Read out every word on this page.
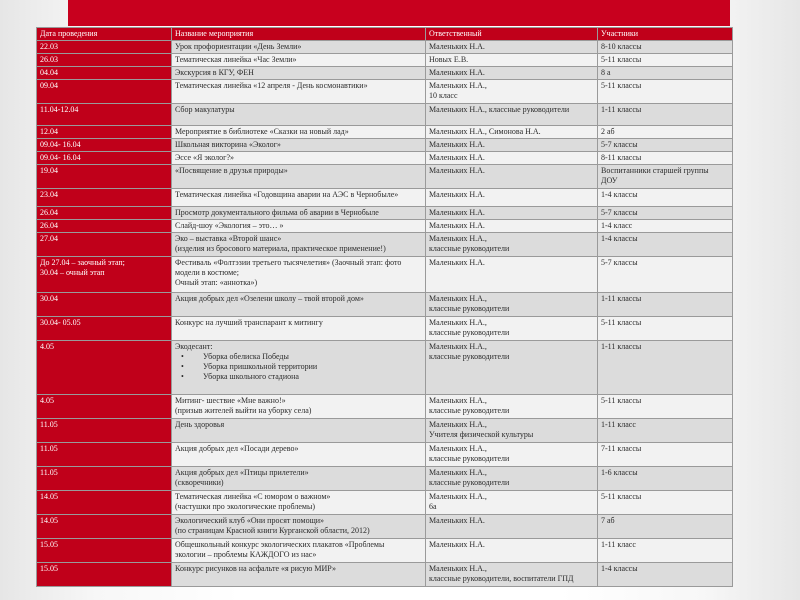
Дата проведения	Название мероприятия	Ответственный	Участники

22.03	Урок профориентации «День Земли»	Маленьких Н.А.	8-10 классы

26.03	Тематическая линейка «Час Земли»	Новых Е.В.	5-11 классы

04.04	Экскурсия в КГУ, ФЕН	Маленьких Н.А.	8 а

09.04	Тематическая линейка «12 апреля - День космонавтики»	Маленьких Н.А.,
10 класс	5-11 классы

11.04-12.04	Сбор макулатуры	Маленьких Н.А., классные руководители	1-11 классы

12.04	Мероприятие в библиотеке «Сказки на новый лад»	Маленьких Н.А., Симонова Н.А.	2 аб

09.04- 16.04	Школьная викторина «Эколог»	Маленьких Н.А.	5-7 классы

09.04- 16.04	Эссе «Я эколог?»	Маленьких Н.А.	8-11 классы

19.04	«Посвящение в друзья природы»	Маленьких Н.А.	Воспитанники старшей группы
ДОУ

23.04	Тематическая линейка «Годовщина аварии на АЭС в Чернобыле»	Маленьких Н.А.	1-4 классы

26.04	Просмотр документального фильма об аварии в Чернобыле	Маленьких Н.А.	5-7 классы

26.04	Слайд-шоу «Экология – это… »	Маленьких Н.А.	1-4 класс

27.04	Эко – выставка «Второй шанс»
(изделия из бросового материала, практическое применение!)	Маленьких Н.А.,
классные руководители	1-4 классы

До 27.04 – заочный этап;
30.04 – очный этап	Фестиваль «Фолтэзии третьего тысячелетия» (Заочный этап: фото
модели в костюме;
Очный этап: «аннотка»)	Маленьких Н.А.	5-7 классы

30.04	Акция добрых дел «Озелени школу – твой второй дом»	Маленьких Н.А.,
классные руководители	1-11 классы

30.04- 05.05	Конкурс на лучший транспарант к митингу	Маленьких Н.А.,
классные руководители	5-11 классы

4.05	Экодесант:
• Уборка обелиска Победы
• Уборка пришкольной территории
• Уборка школьного стадиона	Маленьких Н.А.,
классные руководители	1-11 классы

4.05	Митинг- шествие «Мне важно!»
(призыв жителей выйти на уборку села)	Маленьких Н.А.,
классные руководители	5-11 классы

11.05	День здоровья	Маленьких Н.А.,
Учителя физической культуры	1-11 класс

11.05	Акция добрых дел «Посади дерево»	Маленьких Н.А.,
классные руководители	7-11 классы

11.05	Акция добрых дел «Птицы прилетели»
(скворечники)	Маленьких Н.А.,
классные руководители	1-6 классы

14.05	Тематическая линейка «С юмором о важном»
(частушки про экологические проблемы)	Маленьких Н.А.,
6а	5-11 классы

14.05	Экологический клуб «Они просят помощи»
(по страницам Красной книги Курганской области, 2012)	Маленьких Н.А.	7 аб

15.05	Общешкольный конкурс экологических плакатов «Проблемы
экологии – проблемы КАЖДОГО из нас»	Маленьких Н.А.	1-11 класс

15.05	Конкурс рисунков на асфальте «я рисую МИР»	Маленьких Н.А.,
классные руководители, воспитатели ГПД	1-4 классы
